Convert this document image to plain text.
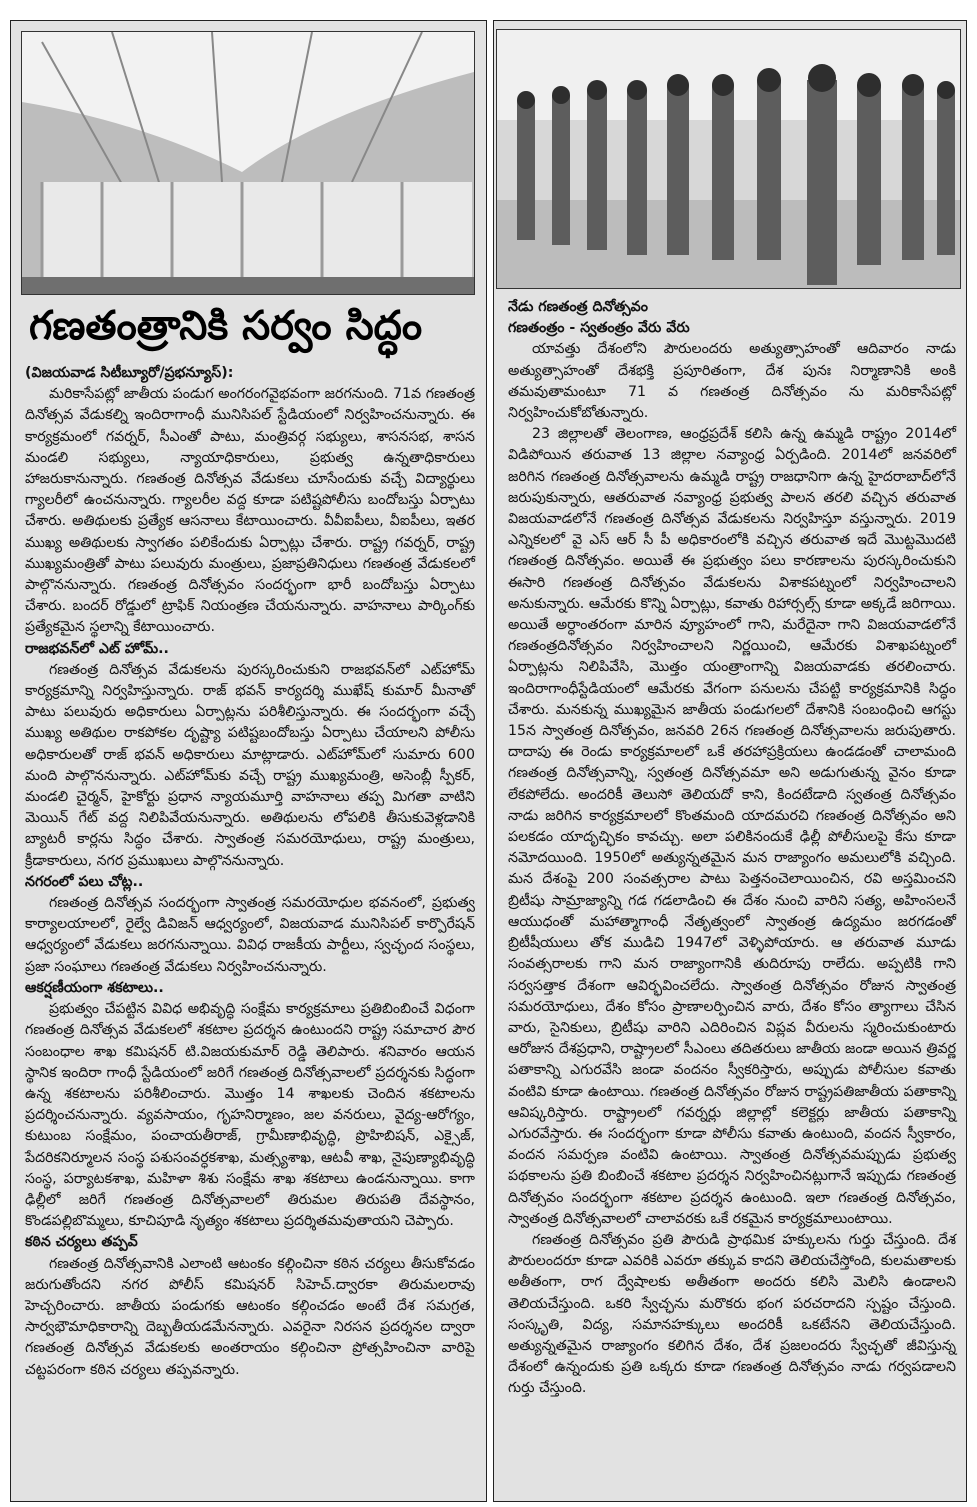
గణతంత్రానికి సర్వం సిద్ధం

(విజయవాడ సిటీబ్యూరో/ప్రభన్యూస్):

మరికాసేపట్లో జాతీయ పండుగ అంగరంగవైభవంగా జరగనుంది. 71వ గణతంత్ర దినోత్సవ వేడుకల్ని ఇందిరాగాంధీ మునిసిపల్ స్టేడియంలో నిర్వహించనున్నారు. ఈ కార్యక్రమంలో గవర్నర్, సీఎంతో పాటు, మంత్రివర్గ సభ్యులు, శాసనసభ, శాసన మండలి సభ్యులు, న్యాయాధికారులు, ప్రభుత్వ ఉన్నతాధికారులు హాజరుకానున్నారు. గణతంత్ర దినోత్సవ వేడుకలు చూసేందుకు వచ్చే విద్యార్థులు గ్యాలరీలో ఉంచనున్నారు. గ్యాలరీల వద్ద కూడా పటిష్టపోలీసు బందోబస్తు ఏర్పాటు చేశారు. అతిథులకు ప్రత్యేక ఆసనాలు కేటాయించారు. వీవీఐపీలు, వీఐపీలు, ఇతర ముఖ్య అతిథులకు స్వాగతం పలికేందుకు ఏర్పాట్లు చేశారు. రాష్ట్ర గవర్నర్, రాష్ట్ర ముఖ్యమంత్రితో పాటు పలువురు మంత్రులు, ప్రజాప్రతినిధులు గణతంత్ర వేడుకలలో పాల్గొననున్నారు. గణతంత్ర దినోత్సవం సందర్భంగా భారీ బందోబస్తు ఏర్పాటు చేశారు. బందర్ రోడ్డులో ట్రాఫిక్ నియంత్రణ చేయనున్నారు. వాహనాలు పార్కింగ్‌కు ప్రత్యేకమైన స్థలాన్ని కేటాయించారు.

రాజభవన్‌లో ఎట్ హోమ్..

గణతంత్ర దినోత్సవ వేడుకలను పురస్కరించుకుని రాజభవన్‌లో ఎట్‌హోమ్ కార్యక్రమాన్ని నిర్వహిస్తున్నారు. రాజ్ భవన్ కార్యదర్శి ముఖేష్ కుమార్ మీనాతో పాటు పలువురు అధికారులు ఏర్పాట్లను పరిశీలిస్తున్నారు. ఈ సందర్భంగా వచ్చే ముఖ్య అతిథుల రాకపోకల దృష్ట్యా పటిష్టబందోబస్తు ఏర్పాటు చేయాలని పోలీసు అధికారులతో రాజ్ భవన్ అధికారులు మాట్లాడారు. ఎట్‌హోమ్‌లో సుమారు 600 మంది పాల్గొననున్నారు. ఎట్‌హోమ్‌కు వచ్చే రాష్ట్ర ముఖ్యమంత్రి, అసెంబ్లీ స్పీకర్, మండలి చైర్మన్, హైకోర్టు ప్రధాన న్యాయమూర్తి వాహనాలు తప్ప మిగతా వాటిని మెయిన్ గేట్ వద్ద నిలిపివేయనున్నారు. అతిథులను లోపలికి తీసుకువెళ్లడానికి బ్యాటరీ కార్లను సిద్ధం చేశారు. స్వాతంత్ర సమరయోధులు, రాష్ట్ర మంత్రులు, క్రీడాకారులు, నగర ప్రముఖులు పాల్గొననున్నారు.

నగరంలో పలు చోట్ల..

గణతంత్ర దినోత్సవ సందర్భంగా స్వాతంత్ర సమరయోధుల భవనంలో, ప్రభుత్వ కార్యాలయాలలో, రైల్వే డివిజన్ ఆధ్వర్యంలో, విజయవాడ మునిసిపల్ కార్పొరేషన్ ఆధ్వర్యంలో వేడుకలు జరగనున్నాయి. వివిధ రాజకీయ పార్టీలు, స్వచ్ఛంద సంస్థలు, ప్రజా సంఘాలు గణతంత్ర వేడుకలు నిర్వహించనున్నారు.

ఆకర్షణీయంగా శకటాలు..

ప్రభుత్వం చేపట్టిన వివిధ అభివృద్ధి సంక్షేమ కార్యక్రమాలు ప్రతిబింబించే విధంగా గణతంత్ర దినోత్సవ వేడుకలలో శకటాల ప్రదర్శన ఉంటుందని రాష్ట్ర సమాచార పౌర సంబంధాల శాఖ కమిషనర్ టి.విజయకుమార్ రెడ్డి తెలిపారు. శనివారం ఆయన స్థానిక ఇందిరా గాంధీ స్టేడియంలో జరిగే గణతంత్ర దినోత్సవాలలో ప్రదర్శనకు సిద్ధంగా ఉన్న శకటాలను పరిశీలించారు. మొత్తం 14 శాఖలకు చెందిన శకటాలను ప్రదర్శించనున్నారు. వ్యవసాయం, గృహనిర్మాణం, జల వనరులు, వైద్య-ఆరోగ్యం, కుటుంబ సంక్షేమం, పంచాయతీరాజ్, గ్రామీణాభివృద్ధి, ప్రొహిబిషన్, ఎక్సైజ్, పేదరికనిర్మూలన సంస్థ పశుసంవర్ధకశాఖ, మత్స్యశాఖ, ఆటవీ శాఖ, నైపుణ్యాభివృద్ధి సంస్థ, పర్యాటకశాఖ, మహిళా శిశు సంక్షేమ శాఖ శకటాలు ఉండనున్నాయి. కాగా ఢిల్లీలో జరిగే గణతంత్ర దినోత్సవాలలో తిరుమల తిరుపతి దేవస్థానం, కొండపల్లిబొమ్మలు, కూచిపూడి నృత్యం శకటాలు ప్రదర్శితమవుతాయని చెప్పారు.

కఠిన చర్యలు తప్పవ్

గణతంత్ర దినోత్సవానికి ఎలాంటి ఆటంకం కల్గించినా కఠిన చర్యలు తీసుకోవడం జరుగుతోందని నగర పోలీస్ కమిషనర్ సిహెచ్.ద్వారకా తిరుమలరావు హెచ్చరించారు. జాతీయ పండుగకు ఆటంకం కల్గించడం అంటే దేశ సమగ్రత, సార్వభౌమాధికారాన్ని దెబ్బతీయడమేనన్నారు. ఎవరైనా నిరసన ప్రదర్శనల ద్వారా గణతంత్ర దినోత్సవ వేడుకలకు అంతరాయం కల్గించినా ప్రోత్సహించినా వారిపై చట్టపరంగా కఠిన చర్యలు తప్పవన్నారు.

నేడు గణతంత్ర దినోత్సవం

గణతంత్రం - స్వతంత్రం వేరు వేరు

యావత్తు దేశంలోని పౌరులందరు అత్యుత్సాహంతో ఆదివారం నాడు అత్యుత్సాహంతో దేశభక్తి ప్రపూరితంగా, దేశ పునః నిర్మాణానికి అంకి తమవుతామంటూ 71 వ గణతంత్ర దినోత్సవం ను మరికాసేపట్లో నిర్వహించుకోబోతున్నారు.

23 జిల్లాలతో తెలంగాణ, ఆంధ్రప్రదేశ్ కలిసి ఉన్న ఉమ్మడి రాష్ట్రం 2014లో విడిపోయిన తరువాత 13 జిల్లాల నవ్యాంధ్ర ఏర్పడింది. 2014లో జనవరిలో జరిగిన గణతంత్ర దినోత్సవాలను ఉమ్మడి రాష్ట్ర రాజధానిగా ఉన్న హైదరాబాద్‌లోనే జరుపుకున్నారు, ఆతరువాత నవ్యాంధ్ర ప్రభుత్వ పాలన తరలి వచ్చిన తరువాత విజయవాడలోనే గణతంత్ర దినోత్సవ వేడుకలను నిర్వహిస్తూ వస్తున్నారు. 2019 ఎన్నికలలో వై ఎస్ ఆర్ సీ పీ అధికారంలోకి వచ్చిన తరువాత ఇదే మొట్టమొదటి గణతంత్ర దినోత్సవం. అయితే ఈ ప్రభుత్వం పలు కారణాలను పురస్కరించుకుని ఈసారి గణతంత్ర దినోత్సవం వేడుకలను విశాకపట్నంలో నిర్వహించాలని అనుకున్నారు. ఆమేరకు కొన్ని ఏర్పాట్లు, కవాతు రిహార్సల్స్ కూడా అక్కడే జరిగాయి. అయితే అర్ధాంతరంగా మారిన వ్యూహంలో గాని, మరేదైనా గాని విజయవాడలోనే గణతంత్రదినోత్సవం నిర్వహించాలని నిర్ణయించి, ఆమేరకు విశాఖపట్నంలో ఏర్పాట్లను నిలిపివేసి, మొత్తం యంత్రాంగాన్ని విజయవాడకు తరలించారు. ఇందిరాగాంధీస్టేడియంలో ఆమేరకు వేగంగా పనులను చేపట్టి కార్యక్రమానికి సిద్ధం చేశారు. మనకున్న ముఖ్యమైన జాతీయ పండుగలలో దేశానికి సంబంధించి ఆగస్టు 15న స్వాతంత్ర దినోత్సవం, జనవరి 26న గణతంత్ర దినోత్సవాలను జరుపుతారు. దాదాపు ఈ రెండు కార్యక్రమాలలో ఒకే తరహాప్రక్రియలు ఉండడంతో చాలామంది గణతంత్ర దినోత్సవాన్ని, స్వతంత్ర దినోత్సవమా అని అడుగుతున్న వైనం కూడా లేకపోలేదు. అందరికీ తెలుసో తెలియదో కాని, కిందటేడాది స్వతంత్ర దినోత్సవం నాడు జరిగిన కార్యక్రమాలలో కొంతమంది యాదమరచి గణతంత్ర దినోత్సవం అని పలకడం యాదృచ్ఛికం కావచ్చు. అలా పలికినందుకే ఢిల్లీ పోలీసులపై కేసు కూడా నమోదయింది. 1950లో అత్యున్నతమైన మన రాజ్యాంగం అమలులోకి వచ్చింది. మన దేశంపై 200 సంవత్సరాల పాటు పెత్తనంచెలాయించిన, రవి అస్తమించని బ్రిటీషు సామ్రాజ్యాన్ని గడ గడలాడించి ఈ దేశం నుంచి వారిని సత్య, అహింసలనే ఆయుధంతో మహాత్మాగాంధీ నేతృత్వంలో స్వాతంత్ర ఉద్యమం జరగడంతో బ్రిటీషీయులు తోక ముడిచి 1947లో వెళ్ళిపోయారు. ఆ తరువాత మూడు సంవత్సరాలకు గాని మన రాజ్యాంగానికి తుదిరూపు రాలేదు. అప్పటికి గాని సర్వసత్తాక దేశంగా ఆవిర్భవించలేదు. స్వాతంత్ర దినోత్సవం రోజున స్వాతంత్ర సమరయోధులు, దేశం కోసం ప్రాణాలర్పించిన వారు, దేశం కోసం త్యాగాలు చేసిన వారు, సైనికులు, బ్రిటీషు వారిని ఎదిరించిన విప్లవ వీరులను స్మరించుకుంటారు ఆరోజున దేశప్రధాని, రాష్ట్రాలలో సీఎంలు తదితరులు జాతీయ జండా అయిన త్రివర్ణ పతాకాన్ని ఎగురవేసి జండా వందనం స్వీకరిస్తారు, అప్పుడు పోలీసుల కవాతు వంటివి కూడా ఉంటాయి. గణతంత్ర దినోత్సవం రోజున రాష్ట్రపతిజాతీయ పతాకాన్ని ఆవిష్కరిస్తారు. రాష్ట్రాలలో గవర్నర్లు జిల్లాల్లో కలెక్టర్లు జాతీయ పతాకాన్ని ఎగురవేస్తారు. ఈ సందర్భంగా కూడా పోలీసు కవాతు ఉంటుంది, వందన స్వీకారం, వందన సమర్పణ వంటివి ఉంటాయి. స్వాతంత్ర దినోత్సవమప్పుడు ప్రభుత్వ పథకాలను ప్రతి బింబించే శకటాల ప్రదర్శన నిర్వహించినట్లుగానే ఇప్పుడు గణతంత్ర దినోత్సవం సందర్భంగా శకటాల ప్రదర్శన ఉంటుంది. ఇలా గణతంత్ర దినోత్సవం, స్వాతంత్ర దినోత్సవాలలో చాలావరకు ఒకే రకమైన కార్యక్రమాలుంటాయి.

గణతంత్ర దినోత్సవం ప్రతి పౌరుడి ప్రాథమిక హక్కులను గుర్తు చేస్తుంది. దేశ పౌరులందరూ కూడా ఎవరికి ఎవరూ తక్కువ కాదని తెలియచేస్తోంది, కులమతాలకు అతీతంగా, రాగ ద్వేషాలకు అతీతంగా అందరు కలిసి మెలిసి ఉండాలని తెలియచేస్తుంది. ఒకరి స్వేచ్ఛను మరొకరు భంగ పరచరాదని స్పష్టం చేస్తుంది. సంస్కృతి, విద్య, సమానహక్కులు అందరికీ ఒకటేనని తెలియచేస్తుంది. అత్యున్నతమైన రాజ్యాంగం కలిగిన దేశం, దేశ ప్రజలందరు స్వేచ్ఛతో జీవిస్తున్న దేశంలో ఉన్నందుకు ప్రతి ఒక్కరు కూడా గణతంత్ర దినోత్సవం నాడు గర్వపడాలని గుర్తు చేస్తుంది.
